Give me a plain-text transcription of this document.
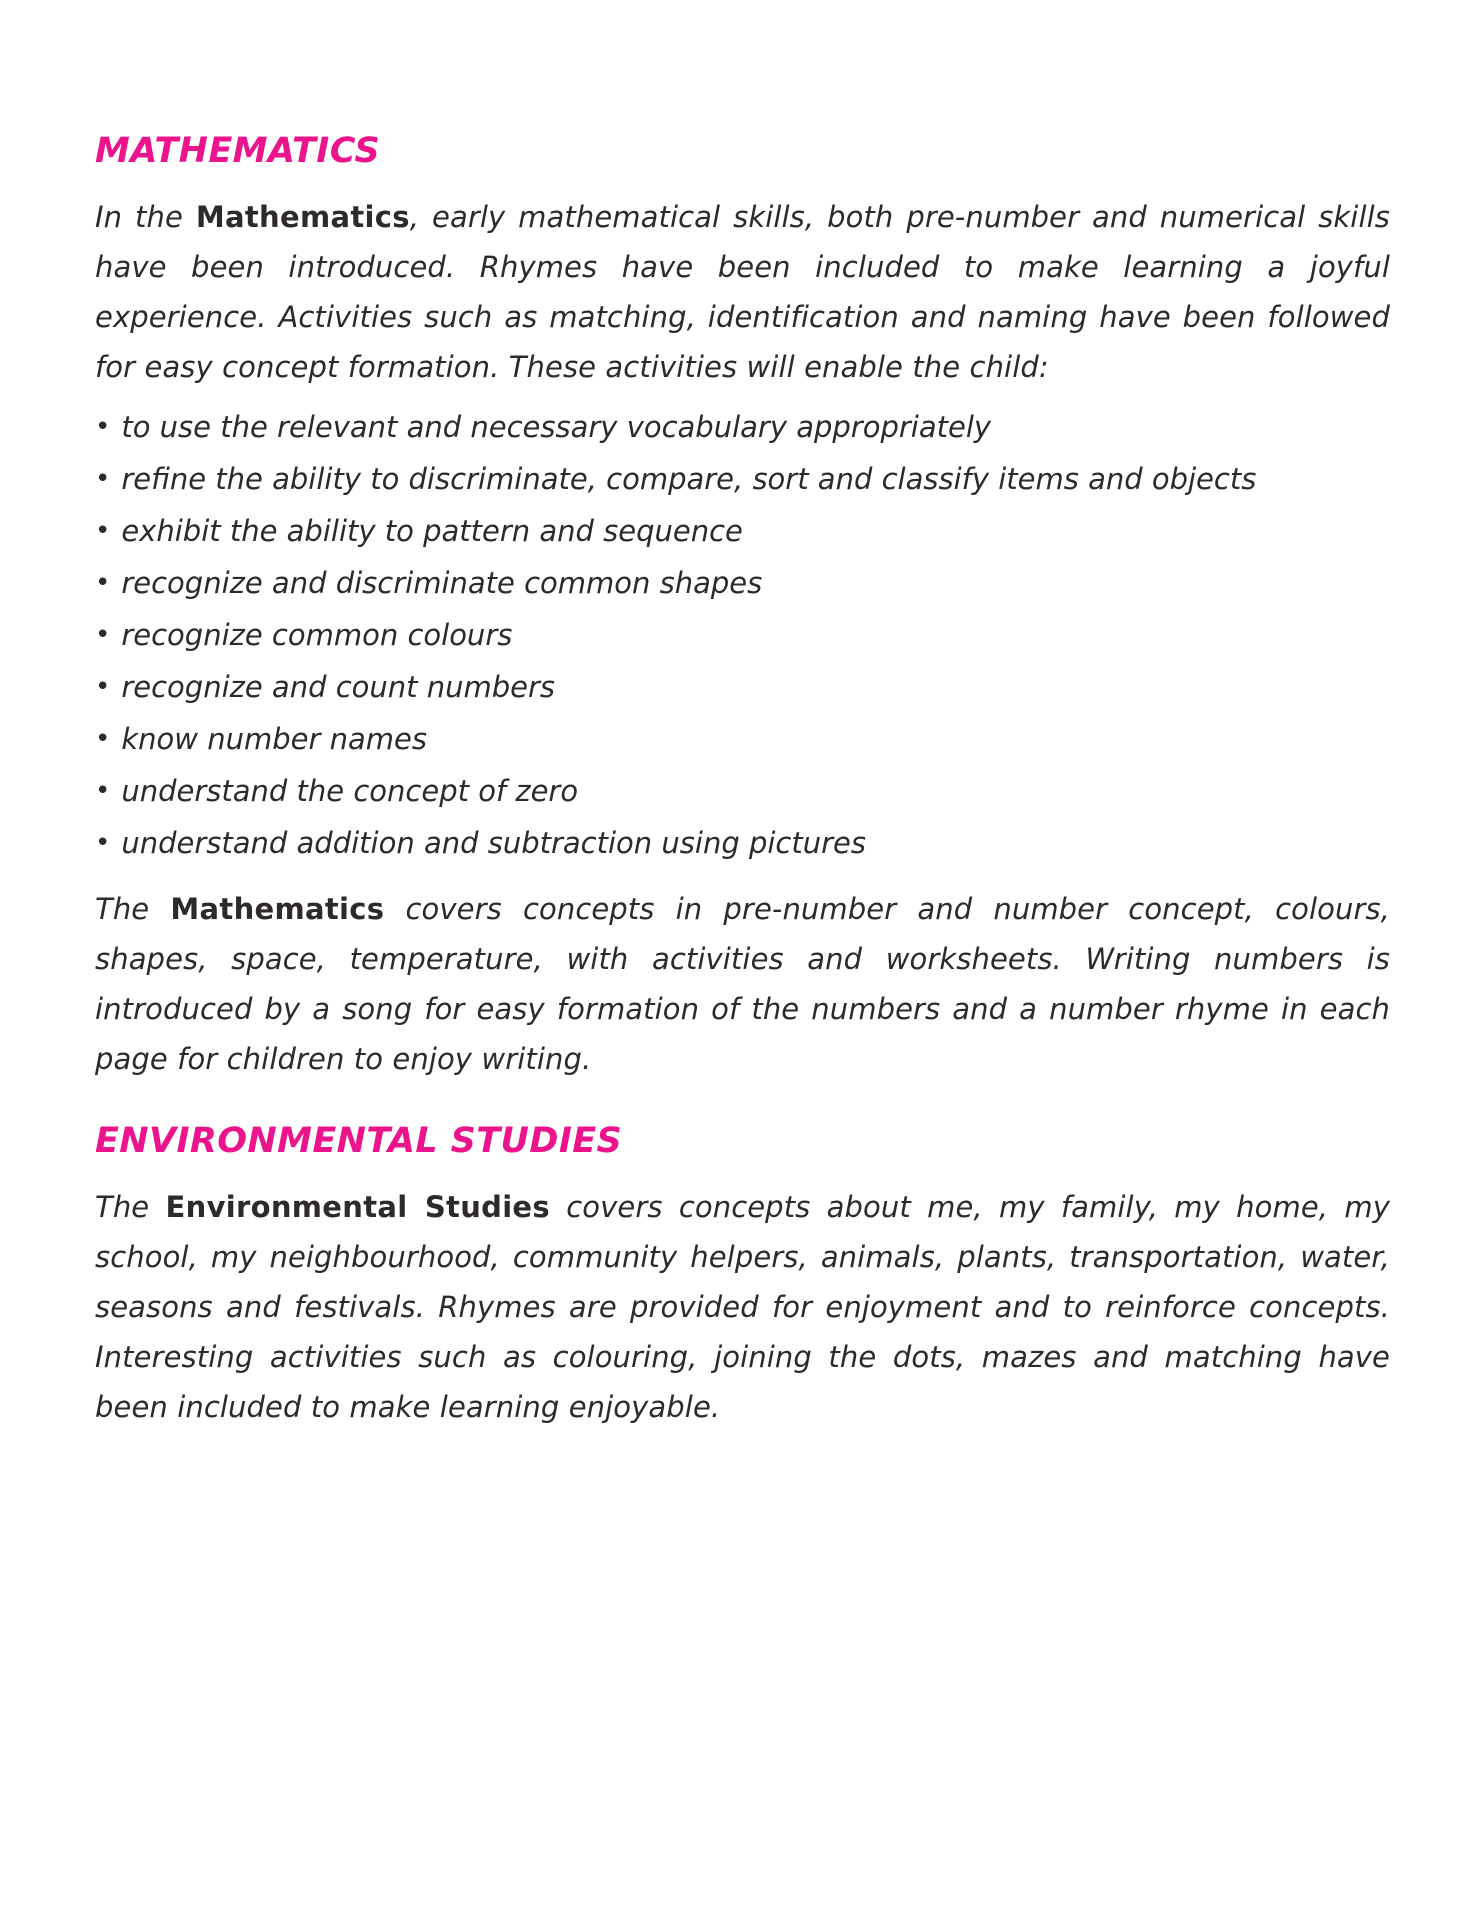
MATHEMATICS

In the Mathematics, early mathematical skills, both pre-number and numerical skills have been introduced. Rhymes have been included to make learning a joyful experience. Activities such as matching, identification and naming have been followed for easy concept formation. These activities will enable the child:

• to use the relevant and necessary vocabulary appropriately
• refine the ability to discriminate, compare, sort and classify items and objects
• exhibit the ability to pattern and sequence
• recognize and discriminate common shapes
• recognize common colours
• recognize and count numbers
• know number names
• understand the concept of zero
• understand addition and subtraction using pictures

The Mathematics covers concepts in pre-number and number concept, colours, shapes, space, temperature, with activities and worksheets. Writing numbers is introduced by a song for easy formation of the numbers and a number rhyme in each page for children to enjoy writing.

ENVIRONMENTAL STUDIES

The Environmental Studies covers concepts about me, my family, my home, my school, my neighbourhood, community helpers, animals, plants, transportation, water, seasons and festivals. Rhymes are provided for enjoyment and to reinforce concepts. Interesting activities such as colouring, joining the dots, mazes and matching have been included to make learning enjoyable.
